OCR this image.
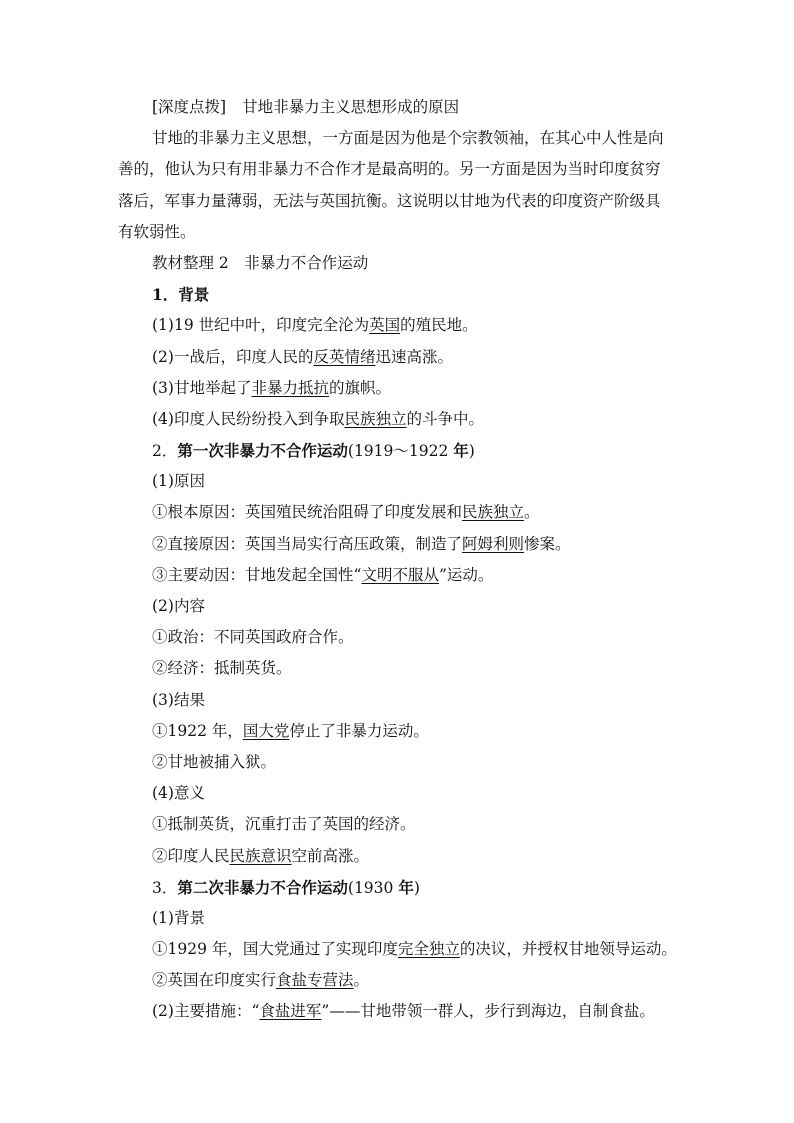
[深度点拨] 甘地非暴力主义思想形成的原因
甘地的非暴力主义思想，一方面是因为他是个宗教领袖，在其心中人性是向
善的，他认为只有用非暴力不合作才是最高明的。另一方面是因为当时印度贫穷
落后，军事力量薄弱，无法与英国抗衡。这说明以甘地为代表的印度资产阶级具
有软弱性。
教材整理 2　非暴力不合作运动
1．背景
(1)19 世纪中叶，印度完全沦为英国的殖民地。
(2)一战后，印度人民的反英情绪迅速高涨。
(3)甘地举起了非暴力抵抗的旗帜。
(4)印度人民纷纷投入到争取民族独立的斗争中。
2．第一次非暴力不合作运动(1919～1922 年)
(1)原因
①根本原因：英国殖民统治阻碍了印度发展和民族独立。
②直接原因：英国当局实行高压政策，制造了阿姆利则惨案。
③主要动因：甘地发起全国性“文明不服从”运动。
(2)内容
①政治：不同英国政府合作。
②经济：抵制英货。
(3)结果
①1922 年，国大党停止了非暴力运动。
②甘地被捕入狱。
(4)意义
①抵制英货，沉重打击了英国的经济。
②印度人民民族意识空前高涨。
3．第二次非暴力不合作运动(1930 年)
(1)背景
①1929 年，国大党通过了实现印度完全独立的决议，并授权甘地领导运动。
②英国在印度实行食盐专营法。
(2)主要措施：“食盐进军”——甘地带领一群人，步行到海边，自制食盐。
